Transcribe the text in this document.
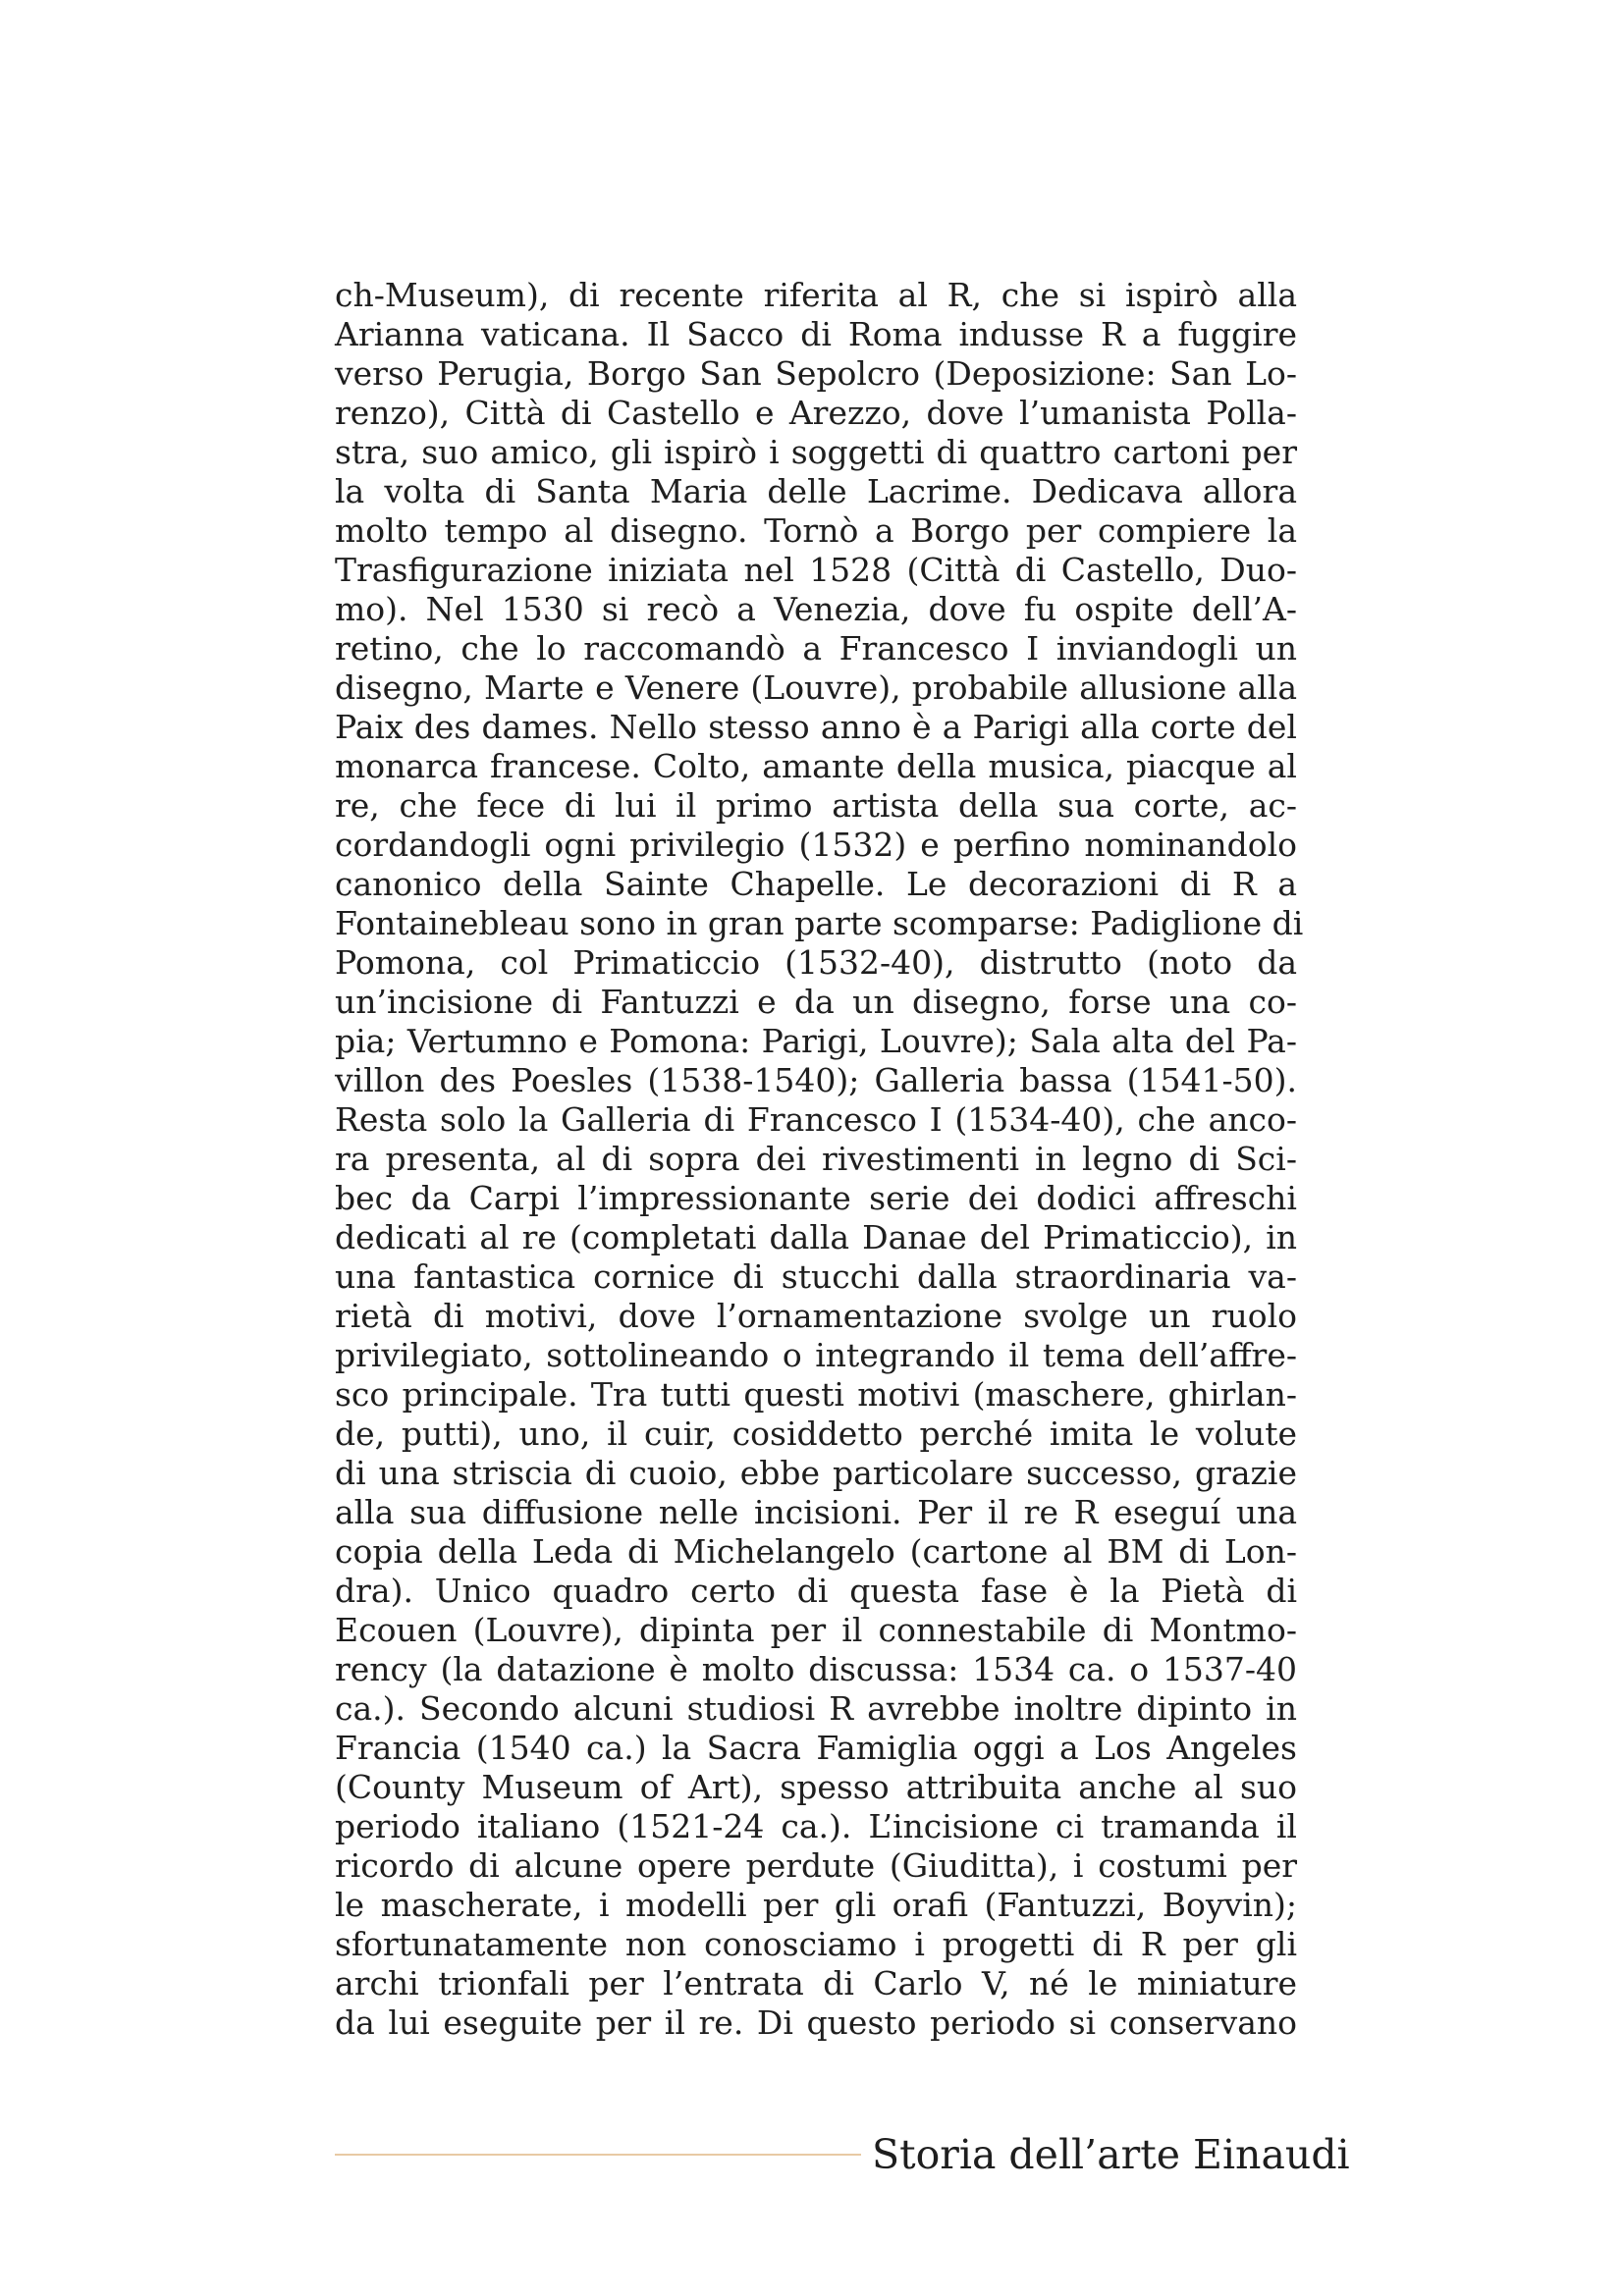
ch-Museum), di recente riferita al R, che si ispirò alla
Arianna vaticana. Il Sacco di Roma indusse R a fuggire
verso Perugia, Borgo San Sepolcro (Deposizione: San Lo-
renzo), Città di Castello e Arezzo, dove l’umanista Polla-
stra, suo amico, gli ispirò i soggetti di quattro cartoni per
la volta di Santa Maria delle Lacrime. Dedicava allora
molto tempo al disegno. Tornò a Borgo per compiere la
Trasfigurazione iniziata nel 1528 (Città di Castello, Duo-
mo). Nel 1530 si recò a Venezia, dove fu ospite dell’A-
retino, che lo raccomandò a Francesco I inviandogli un
disegno, Marte e Venere (Louvre), probabile allusione alla
Paix des dames. Nello stesso anno è a Parigi alla corte del
monarca francese. Colto, amante della musica, piacque al
re, che fece di lui il primo artista della sua corte, ac-
cordandogli ogni privilegio (1532) e perfino nominandolo
canonico della Sainte Chapelle. Le decorazioni di R a
Fontainebleau sono in gran parte scomparse: Padiglione di
Pomona, col Primaticcio (1532-40), distrutto (noto da
un’incisione di Fantuzzi e da un disegno, forse una co-
pia; Vertumno e Pomona: Parigi, Louvre); Sala alta del Pa-
villon des Poesles (1538-1540); Galleria bassa (1541-50).
Resta solo la Galleria di Francesco I (1534-40), che anco-
ra presenta, al di sopra dei rivestimenti in legno di Sci-
bec da Carpi l’impressionante serie dei dodici affreschi
dedicati al re (completati dalla Danae del Primaticcio), in
una fantastica cornice di stucchi dalla straordinaria va-
rietà di motivi, dove l’ornamentazione svolge un ruolo
privilegiato, sottolineando o integrando il tema dell’affre-
sco principale. Tra tutti questi motivi (maschere, ghirlan-
de, putti), uno, il cuir, cosiddetto perché imita le volute
di una striscia di cuoio, ebbe particolare successo, grazie
alla sua diffusione nelle incisioni. Per il re R eseguí una
copia della Leda di Michelangelo (cartone al BM di Lon-
dra). Unico quadro certo di questa fase è la Pietà di
Ecouen (Louvre), dipinta per il connestabile di Montmo-
rency (la datazione è molto discussa: 1534 ca. o 1537-40
ca.). Secondo alcuni studiosi R avrebbe inoltre dipinto in
Francia (1540 ca.) la Sacra Famiglia oggi a Los Angeles
(County Museum of Art), spesso attribuita anche al suo
periodo italiano (1521-24 ca.). L’incisione ci tramanda il
ricordo di alcune opere perdute (Giuditta), i costumi per
le mascherate, i modelli per gli orafi (Fantuzzi, Boyvin);
sfortunatamente non conosciamo i progetti di R per gli
archi trionfali per l’entrata di Carlo V, né le miniature
da lui eseguite per il re. Di questo periodo si conservano
Storia dell’arte Einaudi
